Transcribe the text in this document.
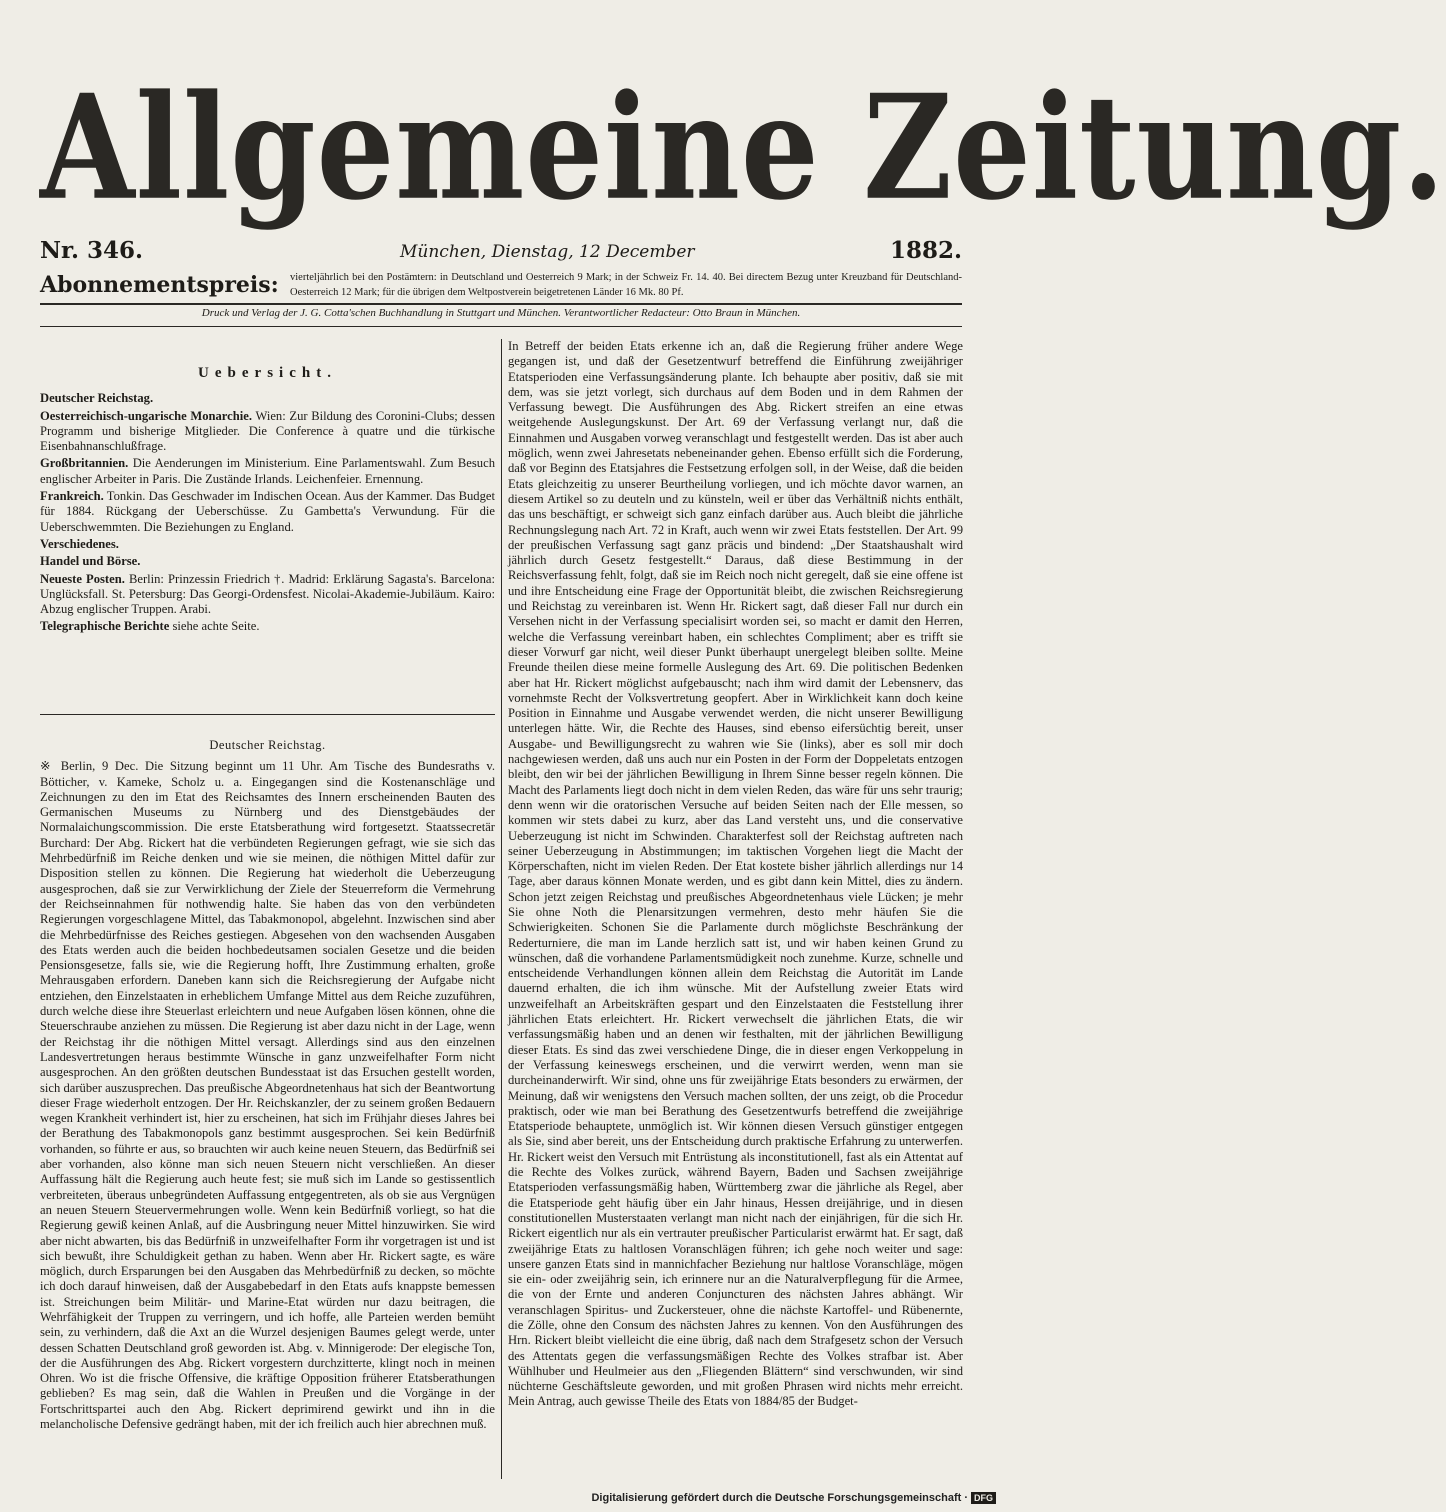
Allgemeine Zeitung.
Nr. 346.	München, Dienstag, 12 December	1882.
Abonnementspreis: vierteljährlich bei den Postämtern: in Deutschland und Oesterreich 9 Mark; in der Schweiz Fr. 14. 40. Bei directem Bezug unter Kreuzband für Deutschland-Oesterreich 12 Mark; für die übrigen dem Weltpostverein beigetretenen Länder 16 Mk. 80 Pf.
Druck und Verlag der J. G. Cotta'schen Buchhandlung in Stuttgart und München. Verantwortlicher Redacteur: Otto Braun in München.
Uebersicht.

Deutscher Reichstag.

Oesterreichisch-ungarische Monarchie. Wien: Zur Bildung des Coronini-Clubs; dessen Programm und bisherige Mitglieder. Die Conference à quatre und die türkische Eisenbahnanschlußfrage.

Großbritannien. Die Aenderungen im Ministerium. Eine Parlamentswahl. Zum Besuch englischer Arbeiter in Paris. Die Zustände Irlands. Leichenfeier. Ernennung.

Frankreich. Tonkin. Das Geschwader im Indischen Ocean. Aus der Kammer. Das Budget für 1884. Rückgang der Ueberschüsse. Zu Gambetta's Verwundung. Für die Ueberschwemmten. Die Beziehungen zu England.

Verschiedenes.

Handel und Börse.

Neueste Posten. Berlin: Prinzessin Friedrich †. Madrid: Erklärung Sagasta's. Barcelona: Unglücksfall. St. Petersburg: Das Georgi-Ordensfest. Nicolai-Akademie-Jubiläum. Kairo: Abzug englischer Truppen. Arabi.

Telegraphische Berichte siehe achte Seite.

Deutscher Reichstag.

※ Berlin, 9 Dec. Die Sitzung beginnt um 11 Uhr. Am Tische des Bundesraths v. Bötticher, v. Kameke, Scholz u. a. Eingegangen sind die Kostenanschläge und Zeichnungen zu den im Etat des Reichsamtes des Innern erscheinenden Bauten des Germanischen Museums zu Nürnberg und des Dienstgebäudes der Normalaichungscommission. Die erste Etatsberathung wird fortgesetzt. Staatssecretär Burchard: Der Abg. Rickert hat die verbündeten Regierungen gefragt, wie sie sich das Mehrbedürfniß im Reiche denken und wie sie meinen, die nöthigen Mittel dafür zur Disposition stellen zu können. Die Regierung hat wiederholt die Ueberzeugung ausgesprochen, daß sie zur Verwirklichung der Ziele der Steuerreform die Vermehrung der Reichseinnahmen für nothwendig halte. Sie haben das von den verbündeten Regierungen vorgeschlagene Mittel, das Tabakmonopol, abgelehnt. Inzwischen sind aber die Mehrbedürfnisse des Reiches gestiegen. Abgesehen von den wachsenden Ausgaben des Etats werden auch die beiden hochbedeutsamen socialen Gesetze und die beiden Pensionsgesetze, falls sie, wie die Regierung hofft, Ihre Zustimmung erhalten, große Mehrausgaben erfordern. Daneben kann sich die Reichsregierung der Aufgabe nicht entziehen, den Einzelstaaten in erheblichem Umfange Mittel aus dem Reiche zuzuführen, durch welche diese ihre Steuerlast erleichtern und neue Aufgaben lösen können, ohne die Steuerschraube anziehen zu müssen. Die Regierung ist aber dazu nicht in der Lage, wenn der Reichstag ihr die nöthigen Mittel versagt. Allerdings sind aus den einzelnen Landesvertretungen heraus bestimmte Wünsche in ganz unzweifelhafter Form nicht ausgesprochen. An den größten deutschen Bundesstaat ist das Ersuchen gestellt worden, sich darüber auszusprechen. Das preußische Abgeordnetenhaus hat sich der Beantwortung dieser Frage wiederholt entzogen. Der Hr. Reichskanzler, der zu seinem großen Bedauern wegen Krankheit verhindert ist, hier zu erscheinen, hat sich im Frühjahr dieses Jahres bei der Berathung des Tabakmonopols ganz bestimmt ausgesprochen. Sei kein Bedürfniß vorhanden, so führte er aus, so brauchten wir auch keine neuen Steuern, das Bedürfniß sei aber vorhanden, also könne man sich neuen Steuern nicht verschließen. An dieser Auffassung hält die Regierung auch heute fest; sie muß sich im Lande so gestissentlich verbreiteten, überaus unbegründeten Auffassung entgegentreten, als ob sie aus Vergnügen an neuen Steuern Steuervermehrungen wolle. Wenn kein Bedürfniß vorliegt, so hat die Regierung gewiß keinen Anlaß, auf die Ausbringung neuer Mittel hinzuwirken. Sie wird aber nicht abwarten, bis das Bedürfniß in unzweifelhafter Form ihr vorgetragen ist und ist sich bewußt, ihre Schuldigkeit gethan zu haben. Wenn aber Hr. Rickert sagte, es wäre möglich, durch Ersparungen bei den Ausgaben das Mehrbedürfniß zu decken, so möchte ich doch darauf hinweisen, daß der Ausgabebedarf in den Etats aufs knappste bemessen ist. Streichungen beim Militär- und Marine-Etat würden nur dazu beitragen, die Wehrfähigkeit der Truppen zu verringern, und ich hoffe, alle Parteien werden bemüht sein, zu verhindern, daß die Axt an die Wurzel desjenigen Baumes gelegt werde, unter dessen Schatten Deutschland groß geworden ist. Abg. v. Minnigerode: Der elegische Ton, der die Ausführungen des Abg. Rickert vorgestern durchzitterte, klingt noch in meinen Ohren. Wo ist die frische Offensive, die kräftige Opposition früherer Etatsberathungen geblieben? Es mag sein, daß die Wahlen in Preußen und die Vorgänge in der Fortschrittspartei auch den Abg. Rickert deprimirend gewirkt und ihn in die melancholische Defensive gedrängt haben, mit der ich freilich auch hier abrechnen muß.

In Betreff der beiden Etats erkenne ich an, daß die Regierung früher andere Wege gegangen ist, und daß der Gesetzentwurf betreffend die Einführung zweijähriger Etatsperioden eine Verfassungsänderung plante. Ich behaupte aber positiv, daß sie mit dem, was sie jetzt vorlegt, sich durchaus auf dem Boden und in dem Rahmen der Verfassung bewegt. Die Ausführungen des Abg. Rickert streifen an eine etwas weitgehende Auslegungskunst. Der Art. 69 der Verfassung verlangt nur, daß die Einnahmen und Ausgaben vorweg veranschlagt und festgestellt werden. Das ist aber auch möglich, wenn zwei Jahresetats nebeneinander gehen. Ebenso erfüllt sich die Forderung, daß vor Beginn des Etatsjahres die Festsetzung erfolgen soll, in der Weise, daß die beiden Etats gleichzeitig zu unserer Beurtheilung vorliegen, und ich möchte davor warnen, an diesem Artikel so zu deuteln und zu künsteln, weil er über das Verhältniß nichts enthält, das uns beschäftigt, er schweigt sich ganz einfach darüber aus. Auch bleibt die jährliche Rechnungslegung nach Art. 72 in Kraft, auch wenn wir zwei Etats feststellen. Der Art. 99 der preußischen Verfassung sagt ganz präcis und bindend: „Der Staatshaushalt wird jährlich durch Gesetz festgestellt.“ Daraus, daß diese Bestimmung in der Reichsverfassung fehlt, folgt, daß sie im Reich noch nicht geregelt, daß sie eine offene ist und ihre Entscheidung eine Frage der Opportunität bleibt, die zwischen Reichsregierung und Reichstag zu vereinbaren ist. Wenn Hr. Rickert sagt, daß dieser Fall nur durch ein Versehen nicht in der Verfassung specialisirt worden sei, so macht er damit den Herren, welche die Verfassung vereinbart haben, ein schlechtes Compliment; aber es trifft sie dieser Vorwurf gar nicht, weil dieser Punkt überhaupt unergelegt bleiben sollte. Meine Freunde theilen diese meine formelle Auslegung des Art. 69. Die politischen Bedenken aber hat Hr. Rickert möglichst aufgebauscht; nach ihm wird damit der Lebensnerv, das vornehmste Recht der Volksvertretung geopfert. Aber in Wirklichkeit kann doch keine Position in Einnahme und Ausgabe verwendet werden, die nicht unserer Bewilligung unterlegen hätte. Wir, die Rechte des Hauses, sind ebenso eifersüchtig bereit, unser Ausgabe- und Bewilligungsrecht zu wahren wie Sie (links), aber es soll mir doch nachgewiesen werden, daß uns auch nur ein Posten in der Form der Doppeletats entzogen bleibt, den wir bei der jährlichen Bewilligung in Ihrem Sinne besser regeln können. Die Macht des Parlaments liegt doch nicht in dem vielen Reden, das wäre für uns sehr traurig; denn wenn wir die oratorischen Versuche auf beiden Seiten nach der Elle messen, so kommen wir stets dabei zu kurz, aber das Land versteht uns, und die conservative Ueberzeugung ist nicht im Schwinden. Charakterfest soll der Reichstag auftreten nach seiner Ueberzeugung in Abstimmungen; im taktischen Vorgehen liegt die Macht der Körperschaften, nicht im vielen Reden. Der Etat kostete bisher jährlich allerdings nur 14 Tage, aber daraus können Monate werden, und es gibt dann kein Mittel, dies zu ändern. Schon jetzt zeigen Reichstag und preußisches Abgeordnetenhaus viele Lücken; je mehr Sie ohne Noth die Plenarsitzungen vermehren, desto mehr häufen Sie die Schwierigkeiten. Schonen Sie die Parlamente durch möglichste Beschränkung der Rederturniere, die man im Lande herzlich satt ist, und wir haben keinen Grund zu wünschen, daß die vorhandene Parlamentsmüdigkeit noch zunehme. Kurze, schnelle und entscheidende Verhandlungen können allein dem Reichstag die Autorität im Lande dauernd erhalten, die ich ihm wünsche. Mit der Aufstellung zweier Etats wird unzweifelhaft an Arbeitskräften gespart und den Einzelstaaten die Feststellung ihrer jährlichen Etats erleichtert. Hr. Rickert verwechselt die jährlichen Etats, die wir verfassungsmäßig haben und an denen wir festhalten, mit der jährlichen Bewilligung dieser Etats. Es sind das zwei verschiedene Dinge, die in dieser engen Verkoppelung in der Verfassung keineswegs erscheinen, und die verwirrt werden, wenn man sie durcheinanderwirft. Wir sind, ohne uns für zweijährige Etats besonders zu erwärmen, der Meinung, daß wir wenigstens den Versuch machen sollten, der uns zeigt, ob die Procedur praktisch, oder wie man bei Berathung des Gesetzentwurfs betreffend die zweijährige Etatsperiode behauptete, unmöglich ist. Wir können diesen Versuch günstiger entgegen als Sie, sind aber bereit, uns der Entscheidung durch praktische Erfahrung zu unterwerfen. Hr. Rickert weist den Versuch mit Entrüstung als inconstitutionell, fast als ein Attentat auf die Rechte des Volkes zurück, während Bayern, Baden und Sachsen zweijährige Etatsperioden verfassungsmäßig haben, Württemberg zwar die jährliche als Regel, aber die Etatsperiode geht häufig über ein Jahr hinaus, Hessen dreijährige, und in diesen constitutionellen Musterstaaten verlangt man nicht nach der einjährigen, für die sich Hr. Rickert eigentlich nur als ein vertrauter preußischer Particularist erwärmt hat. Er sagt, daß zweijährige Etats zu haltlosen Voranschlägen führen; ich gehe noch weiter und sage: unsere ganzen Etats sind in mannichfacher Beziehung nur haltlose Voranschläge, mögen sie ein- oder zweijährig sein, ich erinnere nur an die Naturalverpflegung für die Armee, die von der Ernte und anderen Conjuncturen des nächsten Jahres abhängt. Wir veranschlagen Spiritus- und Zuckersteuer, ohne die nächste Kartoffel- und Rübenernte, die Zölle, ohne den Consum des nächsten Jahres zu kennen. Von den Ausführungen des Hrn. Rickert bleibt vielleicht die eine übrig, daß nach dem Strafgesetz schon der Versuch des Attentats gegen die verfassungsmäßigen Rechte des Volkes strafbar ist. Aber Wühlhuber und Heulmeier aus den „Fliegenden Blättern“ sind verschwunden, wir sind nüchterne Geschäftsleute geworden, und mit großen Phrasen wird nichts mehr erreicht. Mein Antrag, auch gewisse Theile des Etats von 1884/85 der Budget-

Digitalisierung gefördert durch die Deutsche Forschungsgemeinschaft · DFG
